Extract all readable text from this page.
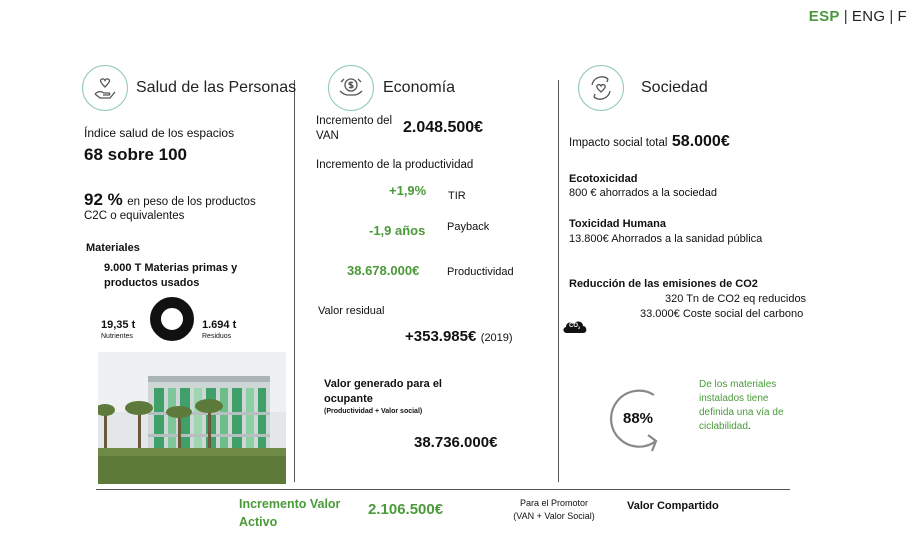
ESP | ENG | F
Salud de las Personas
Índice salud de los espacios
68 sobre 100
92 % en peso de los productos
C2C o equivalentes
Materiales
9.000 T Materias primas y
productos usados
19,35 t
Nutrientes
1.694 t
Residuos
Economía
Incremento del
VAN	2.048.500€
Incremento de la productividad
+1,9% TIR
-1,9 años Payback
38.678.000€	Productividad
Valor residual
+353.985€ (2019)
Valor generado para el
ocupante
(Productividad + Valor social)
38.736.000€
Sociedad
Impacto social total 58.000€
Ecotoxicidad
800 € ahorrados a la sociedad
Toxicidad Humana
13.800€ Ahorrados a la sanidad pública
Reducción de las emisiones de CO2
320 Tn de CO2 eq reducidos
33.000€ Coste social del carbono
$CO_2$
88%
De los materiales
instalados tiene
definida una vía de
ciclabilidad.
Incremento Valor
Activo
2.106.500€	Para el Promotor
(VAN + Valor Social)
Valor Compartido
